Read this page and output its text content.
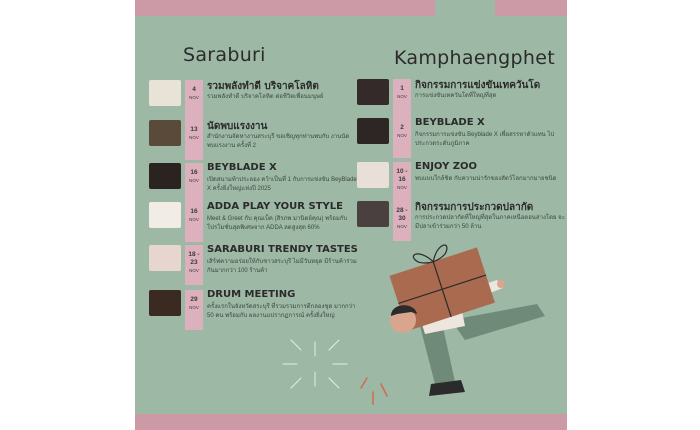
Saraburi	Kamphaengphet
4
NOV
รวมพลังทำดี บริจาคโลหิต
รวมพลังทำดี บริจาคโลหิต ต่อชีวิตเพื่อนมนุษย์
13
NOV
นัดพบแรงงาน
สำนักงานจัดหางานสระบุรี ขอเชิญทุกท่านพบกับ งานนัดพบแรงงาน ครั้งที่ 2
16
NOV
BEYBLADE X
เปิดสนามท้าประลอง คว้าเป็นที่ 1 กับการแข่งขัน BeyBlade X ครั้งยิ่งใหญ่แห่งปี 2025
16
NOV
ADDA PLAY YOUR STYLE
Meet & Greet กับ คุณเบ็ค (สิรภพ มานิตย์คุณ) พร้อมกับโปรโมชั่นสุดพิเศษจาก ADDA ลดสูงสุด 60%
18 - 23
NOV
SARABURI TRENDY TASTES
เสิร์ฟความอร่อยให้กับชาวสระบุรี ไม่มีวันหยุด มีร้านค้าร่วมกันมากกว่า 100 ร้านค้า
29
NOV
DRUM MEETING
ครั้งแรกในจังหวัดสระบุรี ที่รวมรวมการตีกลองชุด มากกว่า 50 คน พร้อมกับ ผลงานแปรากฏการณ์ ครั้งยิ่งใหญ่
1
NOV
กิจกรรมการแข่งขันเทควันโด
การแข่งขันเทควันโดที่ใหญ่ที่สุด
2
NOV
BEYBLADE X
กิจกรรมการแข่งขัน Beyblade X เพื่อสรรหาตัวแทน ไปประกวดระดับภูมิภาค
10 - 16
NOV
ENJOY ZOO
พบแบบใกล้ชิด กับความน่ารักของสัตว์โลกมากมายชนิด
28 - 30
NOV
กิจกรรมการประกวดปลากัด
การประกวดปลากัดที่ใหญ่ที่สุดในภาคเหนือตอนล่างโดย จะมีปลาเข้าร่วมกว่า 50 ล้าน
